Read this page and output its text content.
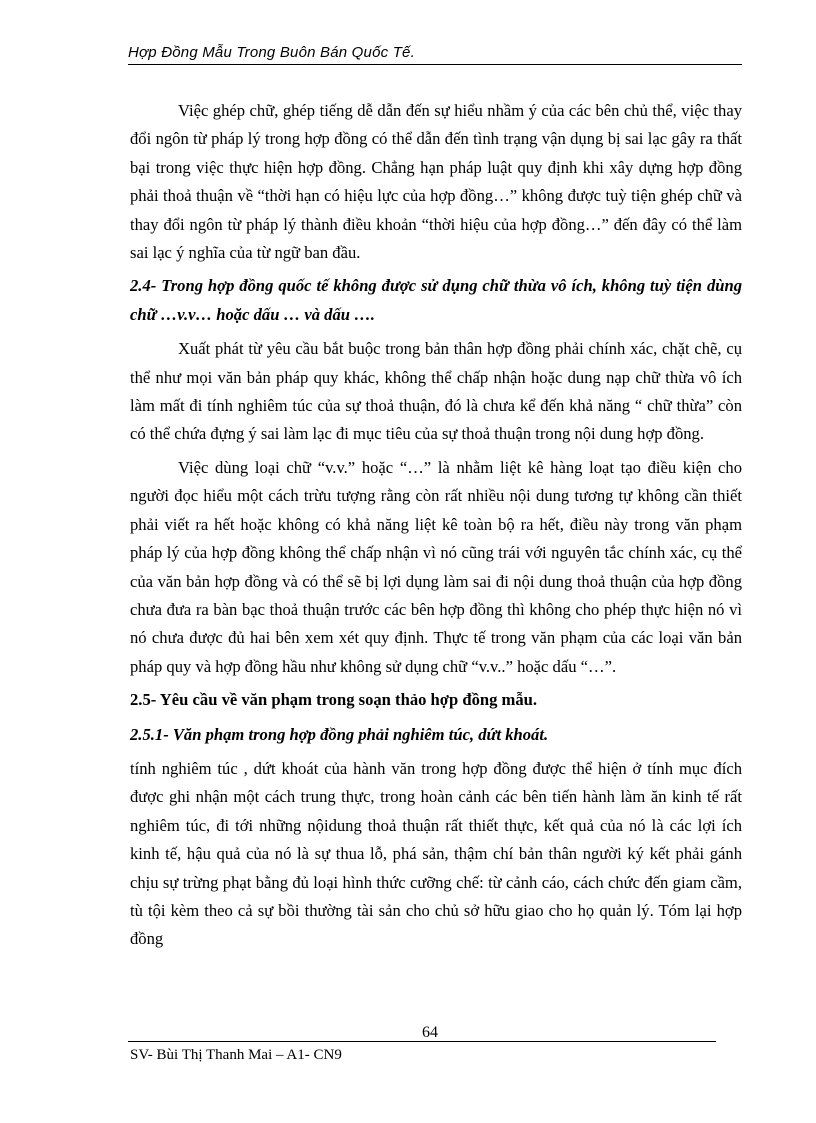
Hợp Đồng Mẫu Trong Buôn Bán Quốc Tế.

Việc ghép chữ, ghép tiếng dễ dẫn đến sự hiểu nhầm ý của các bên chủ thể, việc thay đổi ngôn từ pháp lý trong hợp đồng có thể dẫn đến tình trạng vận dụng bị sai lạc gây ra thất bại trong việc thực hiện hợp đồng. Chẳng hạn pháp luật quy định khi xây dựng hợp đồng phải thoả thuận về “thời hạn có hiệu lực của hợp đồng…” không được tuỳ tiện ghép chữ và thay đổi ngôn từ pháp lý thành điều khoản “thời hiệu của hợp đồng…” đến đây có thể làm sai lạc ý nghĩa của từ ngữ ban đầu.

2.4- Trong hợp đồng quốc tế không được sử dụng chữ thừa vô ích, không tuỳ tiện dùng chữ …v.v… hoặc dấu … và dấu ….

Xuất phát từ yêu cầu bắt buộc trong bản thân hợp đồng phải chính xác, chặt chẽ, cụ thể như mọi văn bản pháp quy khác, không thể chấp nhận hoặc dung nạp chữ thừa vô ích làm mất đi tính nghiêm túc của sự thoả thuận, đó là chưa kể đến khả năng “ chữ thừa” còn có thể chứa đựng ý sai làm lạc đi mục tiêu của sự thoả thuận trong nội dung hợp đồng.

Việc dùng loại chữ “v.v.” hoặc “…” là nhằm liệt kê hàng loạt tạo điều kiện cho người đọc hiểu một cách trừu tượng rằng còn rất nhiều nội dung tương tự không cần thiết phải viết ra hết hoặc không có khả năng liệt kê toàn bộ ra hết, điều này trong văn phạm pháp lý của hợp đồng không thể chấp nhận vì nó cũng trái với nguyên tắc chính xác, cụ thể của văn bản hợp đồng và có thể sẽ bị lợi dụng làm sai đi nội dung thoả thuận của hợp đồng chưa đưa ra bàn bạc thoả thuận trước các bên hợp đồng thì không cho phép thực hiện nó vì nó chưa được đủ hai bên xem xét quy định. Thực tế trong văn phạm của các loại văn bản pháp quy và hợp đồng hầu như không sử dụng chữ “v.v..” hoặc dấu “…”.

2.5- Yêu cầu về văn phạm trong soạn thảo hợp đồng mẫu.

2.5.1- Văn phạm trong hợp đồng phải nghiêm túc, dứt khoát.

tính nghiêm túc , dứt khoát của hành văn trong hợp đồng được thể hiện ở tính mục đích được ghi nhận một cách trung thực, trong hoàn cảnh các bên tiến hành làm ăn kinh tế rất nghiêm túc, đi tới những nộidung thoả thuận rất thiết thực, kết quả của nó là các lợi ích kinh tế, hậu quả của nó là sự thua lỗ, phá sản, thậm chí bản thân người ký kết phải gánh chịu sự trừng phạt bằng đủ loại hình thức cưỡng chế: từ cảnh cáo, cách chức đến giam cầm, tù tội kèm theo cả sự bồi thường tài sản cho chủ sở hữu giao cho họ quản lý. Tóm lại hợp đồng

64
SV- Bùi Thị Thanh Mai – A1- CN9
